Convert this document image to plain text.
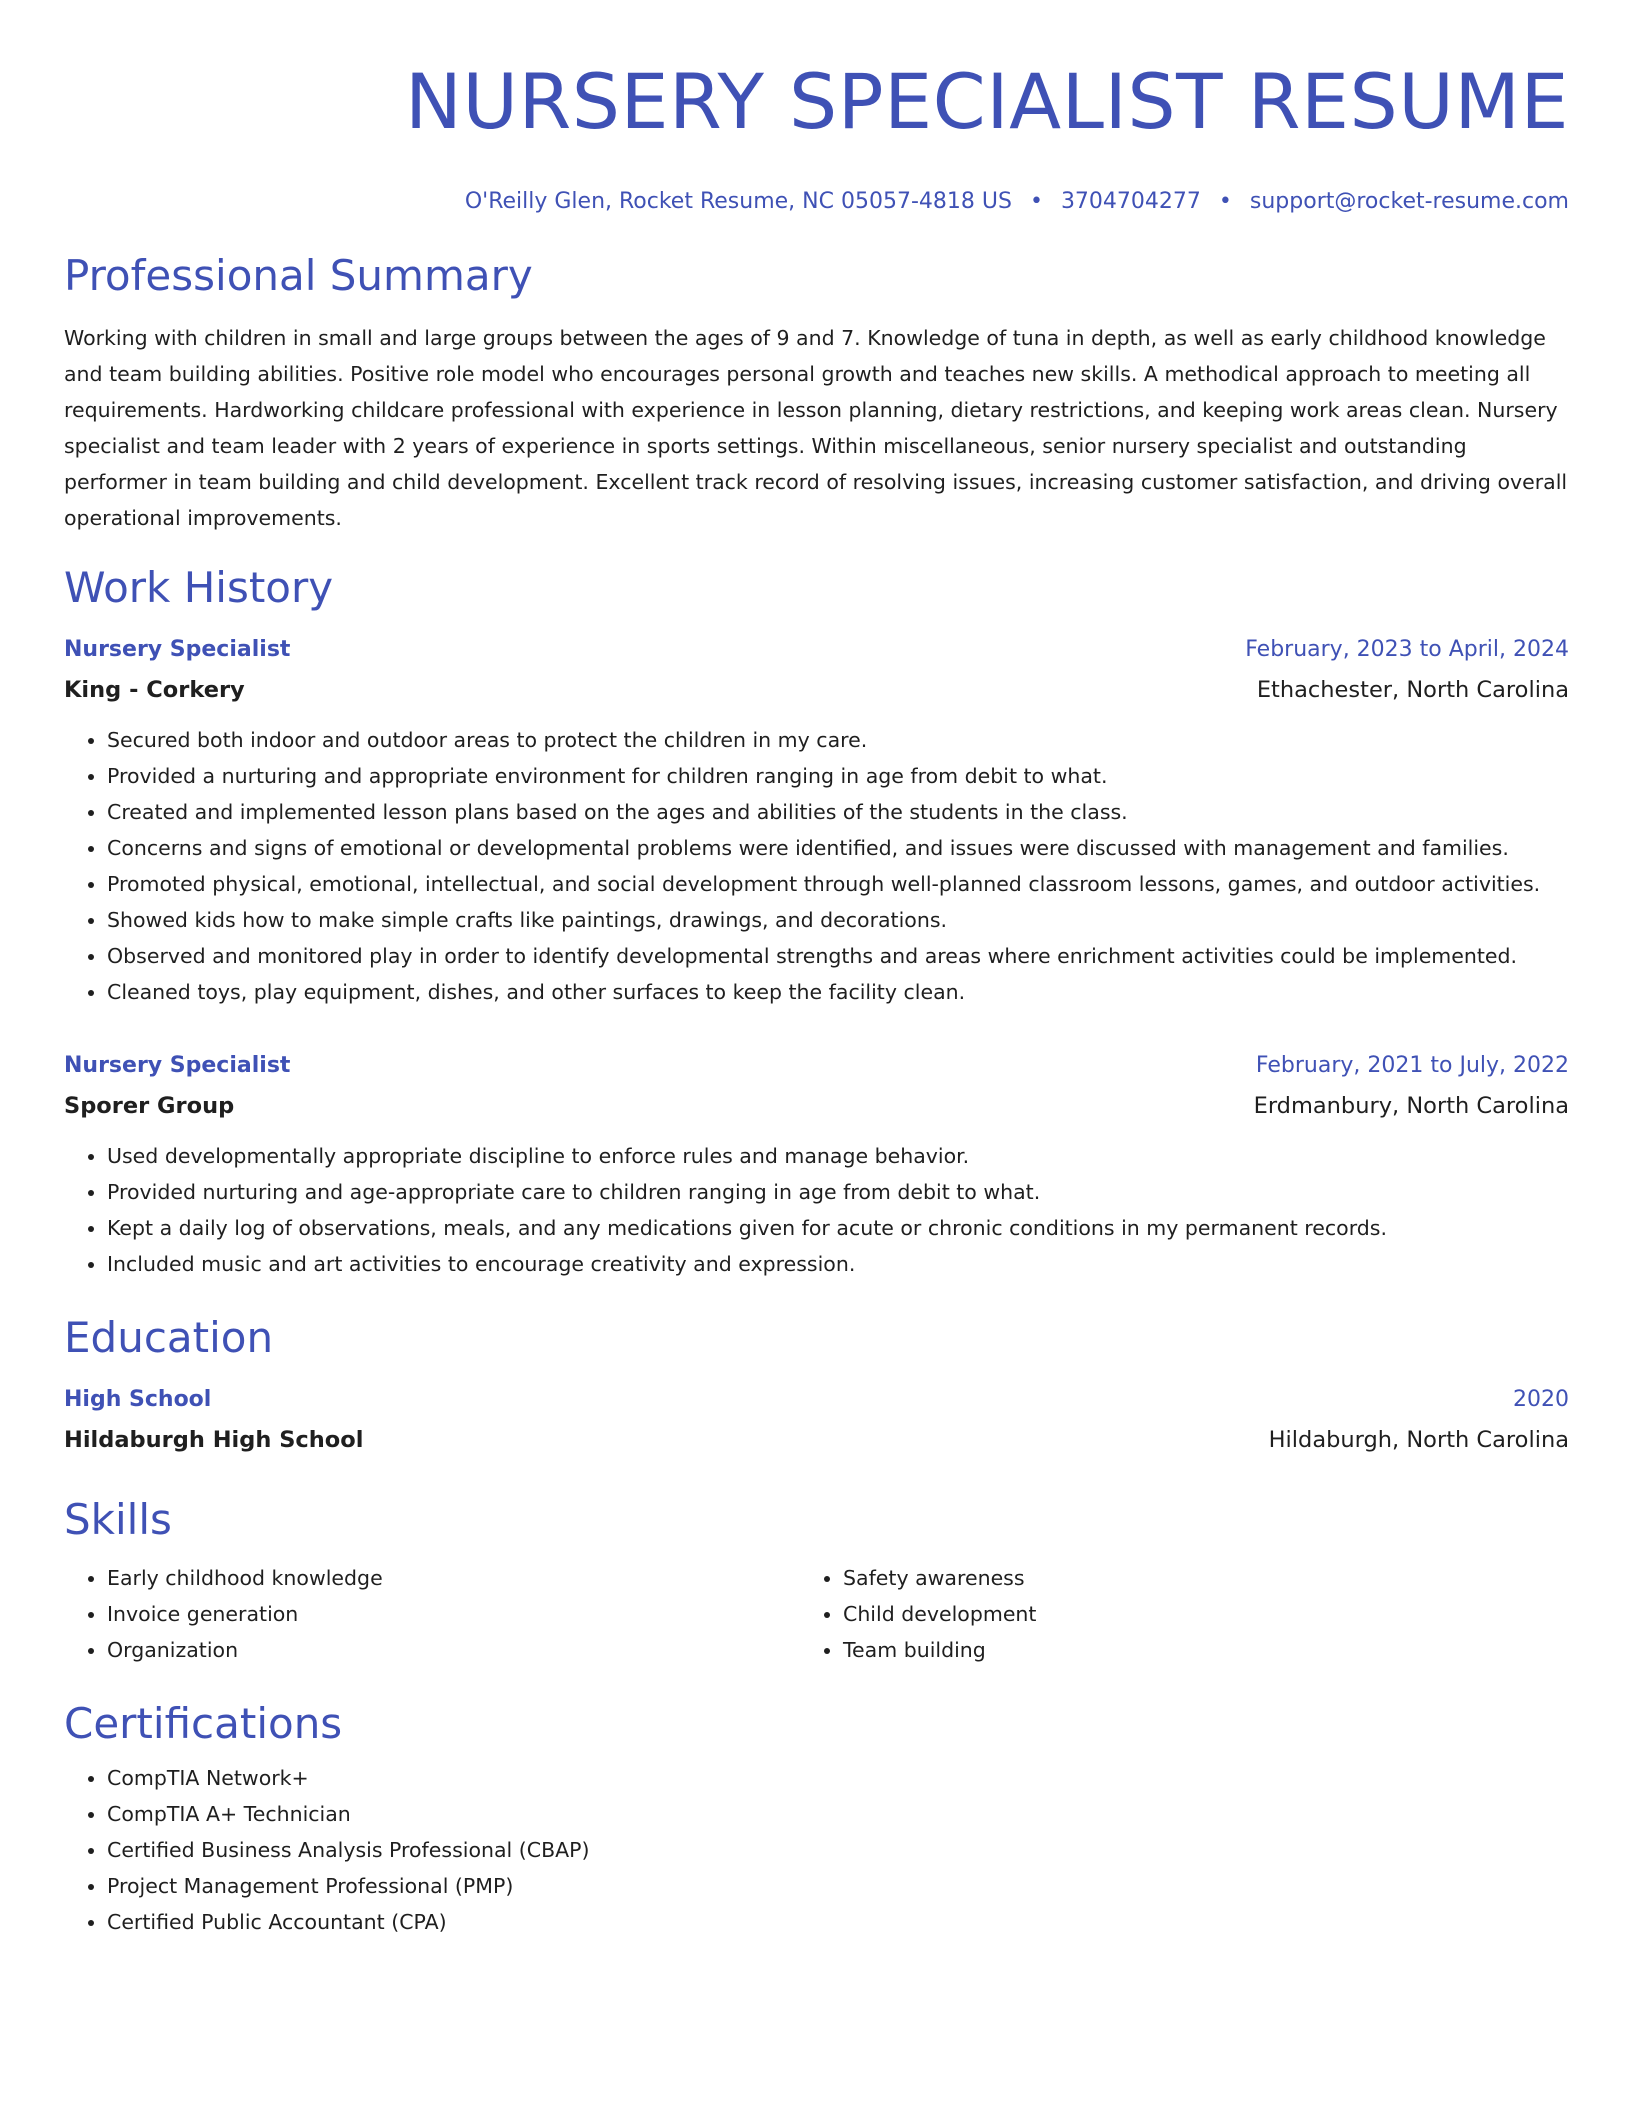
NURSERY SPECIALIST RESUME
O'Reilly Glen, Rocket Resume, NC 05057-4818 US • 3704704277 • support@rocket-resume.com
Professional Summary

Working with children in small and large groups between the ages of 9 and 7. Knowledge of tuna in depth, as well as early childhood knowledge and team building abilities. Positive role model who encourages personal growth and teaches new skills. A methodical approach to meeting all requirements. Hardworking childcare professional with experience in lesson planning, dietary restrictions, and keeping work areas clean. Nursery specialist and team leader with 2 years of experience in sports settings. Within miscellaneous, senior nursery specialist and outstanding performer in team building and child development. Excellent track record of resolving issues, increasing customer satisfaction, and driving overall operational improvements.

Work History
Nursery Specialist	February, 2023 to April, 2024
King - Corkery	Ethachester, North Carolina
• Secured both indoor and outdoor areas to protect the children in my care.
• Provided a nurturing and appropriate environment for children ranging in age from debit to what.
• Created and implemented lesson plans based on the ages and abilities of the students in the class.
• Concerns and signs of emotional or developmental problems were identified, and issues were discussed with management and families.
• Promoted physical, emotional, intellectual, and social development through well-planned classroom lessons, games, and outdoor activities.
• Showed kids how to make simple crafts like paintings, drawings, and decorations.
• Observed and monitored play in order to identify developmental strengths and areas where enrichment activities could be implemented.
• Cleaned toys, play equipment, dishes, and other surfaces to keep the facility clean.
Nursery Specialist	February, 2021 to July, 2022
Sporer Group	Erdmanbury, North Carolina
• Used developmentally appropriate discipline to enforce rules and manage behavior.
• Provided nurturing and age-appropriate care to children ranging in age from debit to what.
• Kept a daily log of observations, meals, and any medications given for acute or chronic conditions in my permanent records.
• Included music and art activities to encourage creativity and expression.
Education
High School	2020
Hildaburgh High School	Hildaburgh, North Carolina
Skills
• Early childhood knowledge
• Invoice generation
• Organization
• Safety awareness
• Child development
• Team building
Certifications
• CompTIA Network+
• CompTIA A+ Technician
• Certified Business Analysis Professional (CBAP)
• Project Management Professional (PMP)
• Certified Public Accountant (CPA)
